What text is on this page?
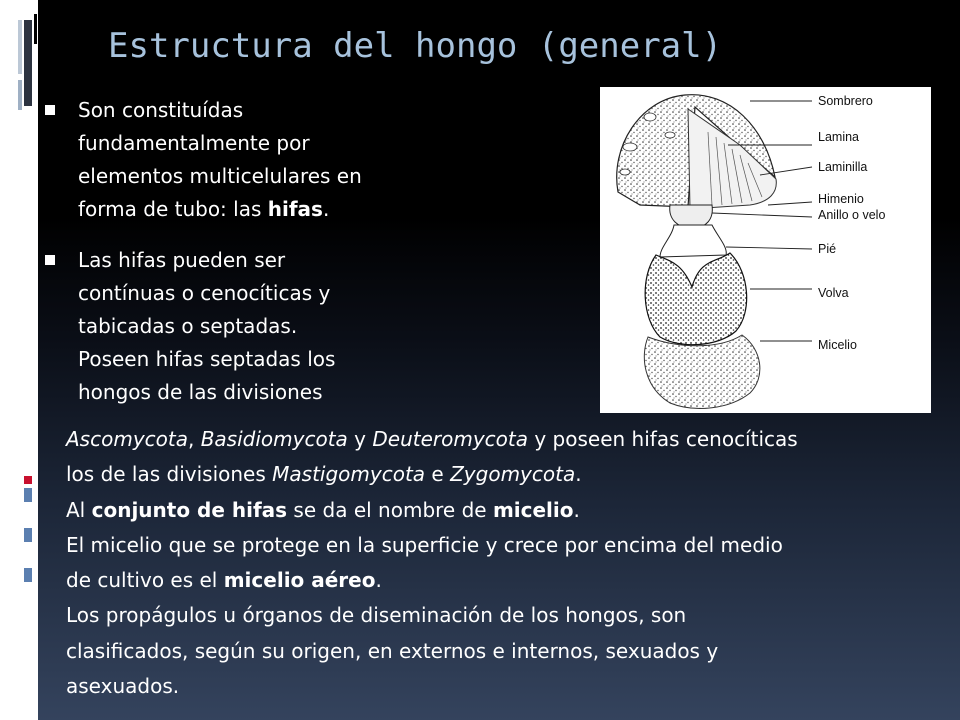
Estructura del hongo (general)
Son constituídas
fundamentalmente por
elementos multicelulares en
forma de tubo: las hifas.
Las hifas pueden ser
contínuas o cenocíticas y
tabicadas o septadas.
Poseen hifas septadas los
hongos de las divisiones
Sombrero
Lamina
Laminilla
Himenio
Anillo o velo
Pié
Volva
Micelio
Ascomycota, Basidiomycota y Deuteromycota y poseen hifas cenocíticas
los de las divisiones Mastigomycota e Zygomycota.
Al conjunto de hifas se da el nombre de micelio.
El micelio que se protege en la superficie y crece por encima del medio
de cultivo es el micelio aéreo.
Los propágulos u órganos de diseminación de los hongos, son
clasificados, según su origen, en externos e internos, sexuados y
asexuados.
